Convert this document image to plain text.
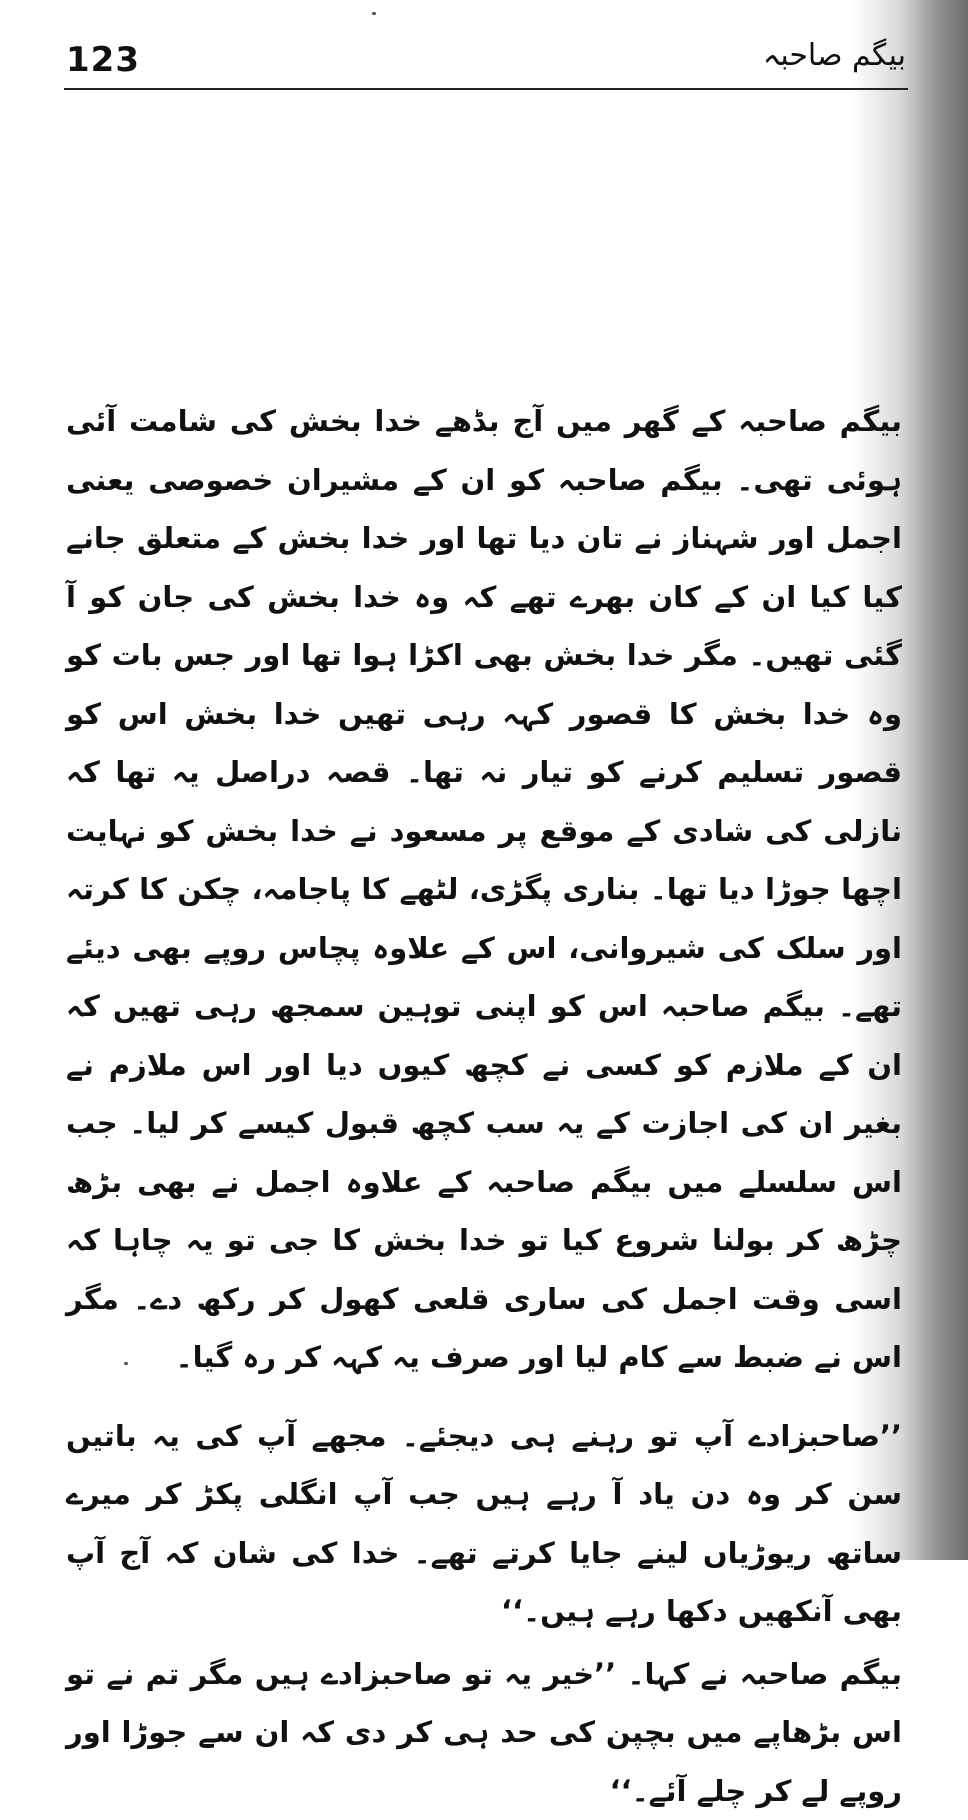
123	بیگم صاحبہ

بیگم صاحبہ کے گھر میں آج بڈھے خدا بخش کی شامت آئی ہوئی تھی۔ بیگم صاحبہ کو ان کے مشیران خصوصی یعنی اجمل اور شہناز نے تان دیا تھا اور خدا بخش کے متعلق جانے کیا کیا ان کے کان بھرے تھے کہ وہ خدا بخش کی جان کو آ گئی تھیں۔ مگر خدا بخش بھی اکڑا ہوا تھا اور جس بات کو وہ خدا بخش کا قصور کہہ رہی تھیں خدا بخش اس کو قصور تسلیم کرنے کو تیار نہ تھا۔ قصہ دراصل یہ تھا کہ نازلی کی شادی کے موقع پر مسعود نے خدا بخش کو نہایت اچھا جوڑا دیا تھا۔ بناری پگڑی، لٹھے کا پاجامہ، چکن کا کرتہ اور سلک کی شیروانی، اس کے علاوہ پچاس روپے بھی دیئے تھے۔ بیگم صاحبہ اس کو اپنی توہین سمجھ رہی تھیں کہ ان کے ملازم کو کسی نے کچھ کیوں دیا اور اس ملازم نے بغیر ان کی اجازت کے یہ سب کچھ قبول کیسے کر لیا۔ جب اس سلسلے میں بیگم صاحبہ کے علاوہ اجمل نے بھی بڑھ چڑھ کر بولنا شروع کیا تو خدا بخش کا جی تو یہ چاہا کہ اسی وقت اجمل کی ساری قلعی کھول کر رکھ دے۔ مگر اس نے ضبط سے کام لیا اور صرف یہ کہہ کر رہ گیا۔

’’صاحبزادے آپ تو رہنے ہی دیجئے۔ مجھے آپ کی یہ باتیں سن کر وہ دن یاد آ رہے ہیں جب آپ انگلی پکڑ کر میرے ساتھ ریوڑیاں لینے جایا کرتے تھے۔ خدا کی شان کہ آج آپ بھی آنکھیں دکھا رہے ہیں۔‘‘

بیگم صاحبہ نے کہا۔ ’’خیر یہ تو صاحبزادے ہیں مگر تم نے تو اس بڑھاپے میں بچپن کی حد ہی کر دی کہ ان سے جوڑا اور روپے لے کر چلے آئے۔‘‘
